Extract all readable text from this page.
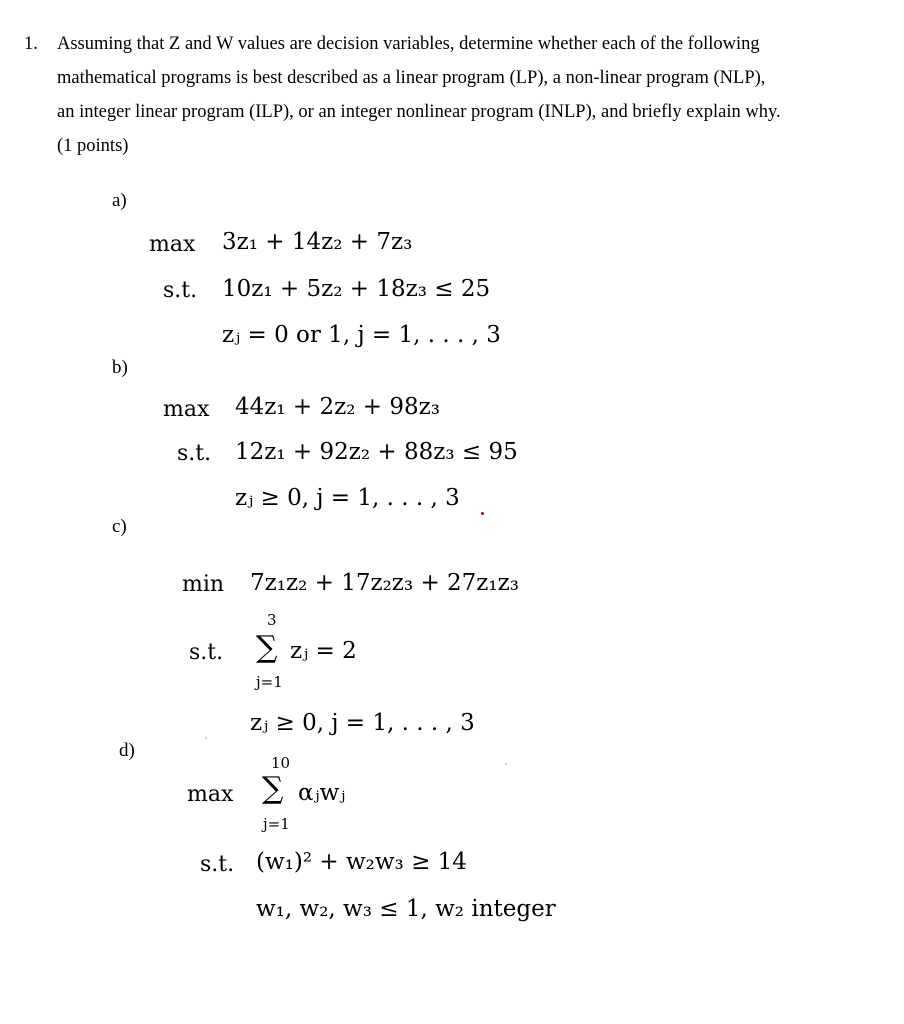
1. Assuming that Z and W values are decision variables, determine whether each of the following
mathematical programs is best described as a linear program (LP), a non-linear program (NLP),
an integer linear program (ILP), or an integer nonlinear program (INLP), and briefly explain why.
(1 points)
a)
max 3z₁ + 14z₂ + 7z₃
s.t. 10z₁ + 5z₂ + 18z₃ ≤ 25
zⱼ = 0 or 1, j = 1, . . . , 3
b)
max 44z₁ + 2z₂ + 98z₃
s.t. 12z₁ + 92z₂ + 88z₃ ≤ 95
zⱼ ≥ 0, j = 1, . . . , 3
c)
min 7z₁z₂ + 17z₂z₃ + 27z₁z₃
s.t.
3
∑ zⱼ = 2
j=1
zⱼ ≥ 0, j = 1, . . . , 3
d)
max
10
∑ αⱼwⱼ
j=1
s.t. (w₁)² + w₂w₃ ≥ 14
w₁, w₂, w₃ ≤ 1, w₂ integer
